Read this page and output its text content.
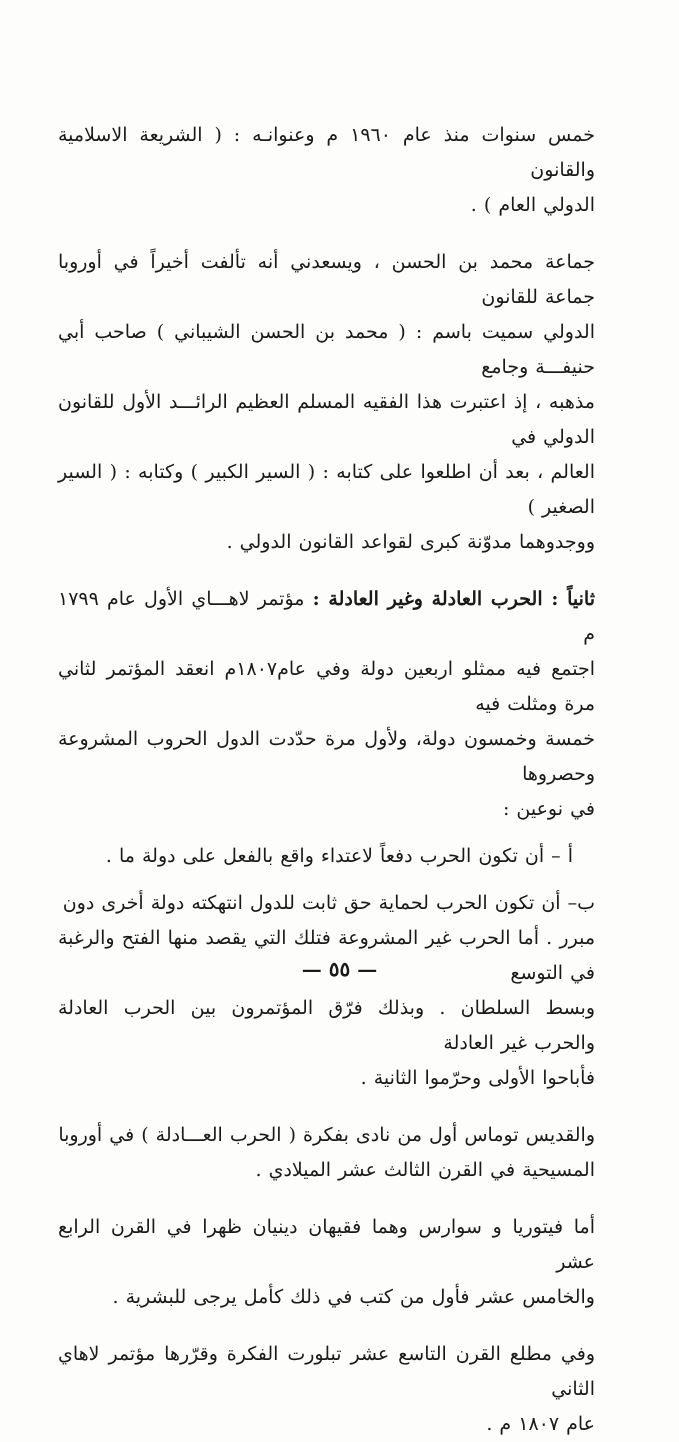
خمس سنوات منذ عام ١٩٦٠ م وعنوانـه : ( الشريعة الاسلامية والقانون
الدولي العام ) .

جماعة محمد بن الحسن ، ويسعدني أنه تألفت أخيراً في أوروبا جماعة للقانون
الدولي سميت باسم : ( محمد بن الحسن الشيباني ) صاحب أبي حنيفـــة وجامع
مذهبه ، إذ اعتبرت هذا الفقيه المسلم العظيم الرائـــد الأول للقانون الدولي في
العالم ، بعد أن اطلعوا على كتابه : ( السير الكبير ) وكتابه : ( السير الصغير )
ووجدوهما مدوّنة كبرى لقواعد القانون الدولي .

ثانياً : الحرب العادلة وغير العادلة : مؤتمر لاهـــاي الأول عام ١٧٩٩ م
اجتمع فيه ممثلو اربعين دولة وفي عام١٨٠٧م انعقد المؤتمر لثاني مرة ومثلت فيه
خمسة وخمسون دولة، ولأول مرة حدّدت الدول الحروب المشروعة وحصروها
في نوعين :

أ – أن تكون الحرب دفعاً لاعتداء واقع بالفعل على دولة ما .

ب– أن تكون الحرب لحماية حق ثابت للدول انتهكته دولة أخرى دون
مبرر . أما الحرب غير المشروعة فتلك التي يقصد منها الفتح والرغبة في التوسع
وبسط السلطان . وبذلك فرّق المؤتمرون بين الحرب العادلة والحرب غير العادلة
فأباحوا الأولى وحرّموا الثانية .

والقديس توماس أول من نادى بفكرة ( الحرب العـــادلة ) في أوروبا
المسيحية في القرن الثالث عشر الميلادي .

أما فيتوريا و سوارس وهما فقيهان دينيان ظهرا في القرن الرابع عشر
والخامس عشر فأول من كتب في ذلك كأمل يرجى للبشرية .

وفي مطلع القرن التاسع عشر تبلورت الفكرة وقرّرها مؤتمر لاهاي الثاني
عام ١٨٠٧ م .

— ٥٥ —
